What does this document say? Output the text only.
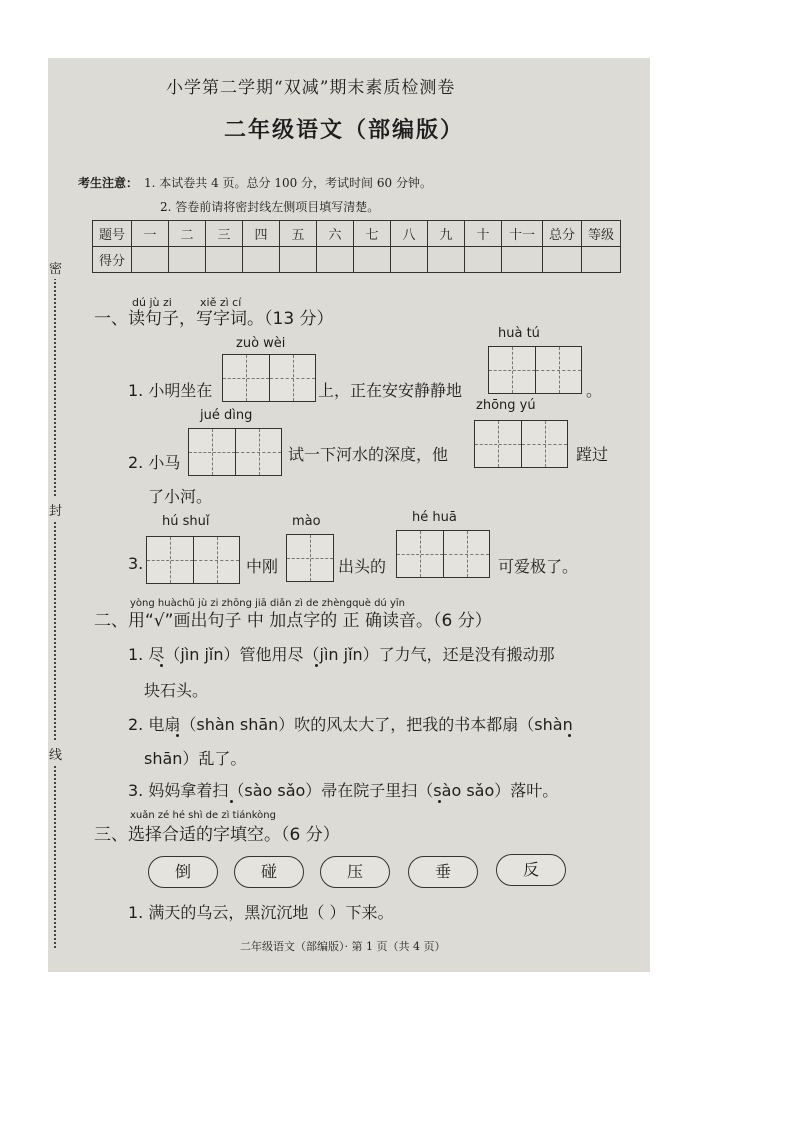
密
封
线
小学第二学期“双减”期末素质检测卷
二年级语文（部编版）
考生注意： 1. 本试卷共 4 页。总分 100 分，考试时间 60 分钟。
2. 答卷前请将密封线左侧项目填写清楚。
题号	一	二	三	四	五	六	七	八	九	十	十一	总分	等级
得分													
dú jù zi	xiě zì cí
一、读句子，写字词。（13 分）
zuò wèi
huà tú
1. 小明坐在	上，正在安安静静地	。
jué dìng
zhōng yú
2. 小马	试一下河水的深度，他	蹚过
了小河。
hú shuǐ	mào	hé huā
3.	中刚	出头的	可爱极了。
yòng huàchū jù zi zhōng jiā diǎn zì de zhèngquè dú yīn
二、用“√”画出句子 中 加点字的 正 确读音。（6 分）
1. 尽（jìn jǐn）管他用尽（jìn jǐn）了力气，还是没有搬动那
块石头。
2. 电扇（shàn shān）吹的风太大了，把我的书本都扇（shàn
shān）乱了。
3. 妈妈拿着扫（sào sǎo）帚在院子里扫（sào sǎo）落叶。
xuǎn zé hé shì de zì tiánkòng
三、选择合适的字填空。（6 分）
倒	碰	压	垂	反
1. 满天的乌云，黑沉沉地（ ）下来。
二年级语文（部编版）· 第 1 页（共 4 页）
